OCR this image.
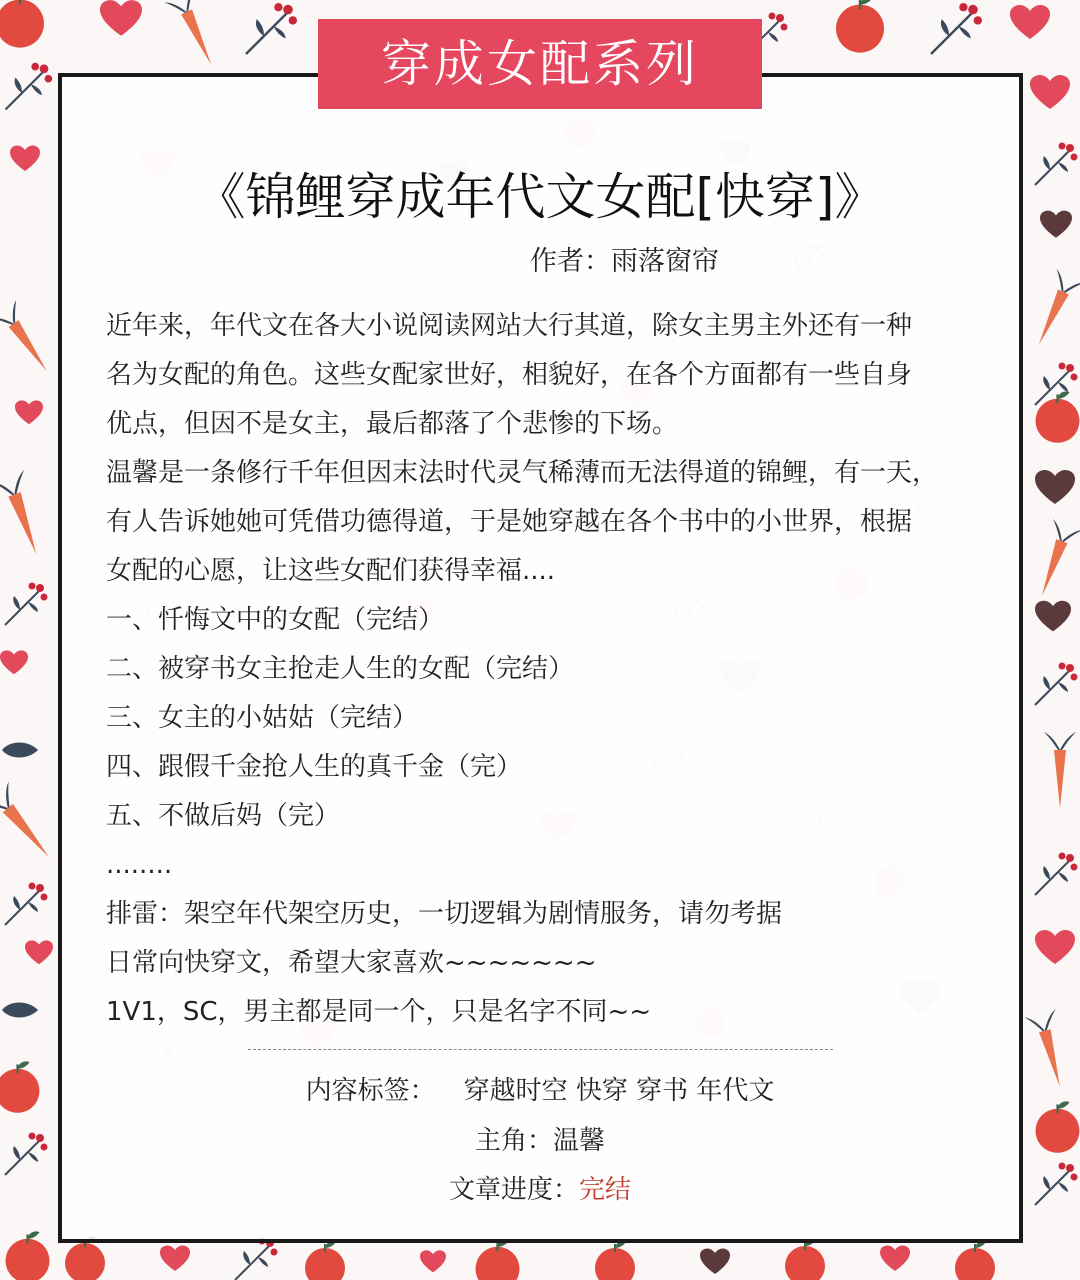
穿成女配系列
《锦鲤穿成年代文女配[快穿]》
作者：雨落窗帘
近年来，年代文在各大小说阅读网站大行其道，除女主男主外还有一种
名为女配的角色。这些女配家世好，相貌好，在各个方面都有一些自身
优点，但因不是女主，最后都落了个悲惨的下场。
温馨是一条修行千年但因末法时代灵气稀薄而无法得道的锦鲤，有一天，
有人告诉她她可凭借功德得道，于是她穿越在各个书中的小世界，根据
女配的心愿，让这些女配们获得幸福....
一、忏悔文中的女配（完结）
二、被穿书女主抢走人生的女配（完结）
三、女主的小姑姑（完结）
四、跟假千金抢人生的真千金（完）
五、不做后妈（完）
........
排雷：架空年代架空历史，一切逻辑为剧情服务，请勿考据
日常向快穿文，希望大家喜欢~~~~~~~
1V1，SC，男主都是同一个，只是名字不同~~
内容标签： 穿越时空 快穿 穿书 年代文
主角：温馨
文章进度：完结
